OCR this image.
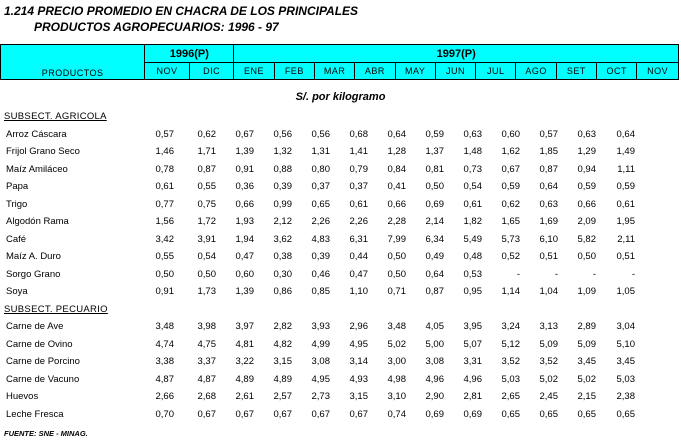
1.214 PRECIO PROMEDIO EN CHACRA DE LOS PRINCIPALES
PRODUCTOS AGROPECUARIOS: 1996 - 97
PRODUCTOS	1996(P)		1997(P)										
	NOV	DIC	ENE	FEB	MAR	ABR	MAY	JUN	JUL	AGO	SET	OCT	NOV
S/. por kilogramo
SUBSECT. AGRICOLA
Arroz Cáscara	0,57	0,62	0,67	0,56	0,56	0,68	0,64	0,59	0,63	0,60	0,57	0,63	0,64
Frijol Grano Seco	1,46	1,71	1,39	1,32	1,31	1,41	1,28	1,37	1,48	1,62	1,85	1,29	1,49
Maíz Amiláceo	0,78	0,87	0,91	0,88	0,80	0,79	0,84	0,81	0,73	0,67	0,87	0,94	1,11
Papa	0,61	0,55	0,36	0,39	0,37	0,37	0,41	0,50	0,54	0,59	0,64	0,59	0,59
Trigo	0,77	0,75	0,66	0,99	0,65	0,61	0,66	0,69	0,61	0,62	0,63	0,66	0,61
Algodón Rama	1,56	1,72	1,93	2,12	2,26	2,26	2,28	2,14	1,82	1,65	1,69	2,09	1,95
Café	3,42	3,91	1,94	3,62	4,83	6,31	7,99	6,34	5,49	5,73	6,10	5,82	2,11
Maíz A. Duro	0,55	0,54	0,47	0,38	0,39	0,44	0,50	0,49	0,48	0,52	0,51	0,50	0,51
Sorgo Grano	0,50	0,50	0,60	0,30	0,46	0,47	0,50	0,64	0,53	-	-	-	-
Soya	0,91	1,73	1,39	0,86	0,85	1,10	0,71	0,87	0,95	1,14	1,04	1,09	1,05
SUBSECT. PECUARIO
Carne de Ave	3,48	3,98	3,97	2,82	3,93	2,96	3,48	4,05	3,95	3,24	3,13	2,89	3,04
Carne de Ovino	4,74	4,75	4,81	4,82	4,99	4,95	5,02	5,00	5,07	5,12	5,09	5,09	5,10
Carne de Porcino	3,38	3,37	3,22	3,15	3,08	3,14	3,00	3,08	3,31	3,52	3,52	3,45	3,45
Carne de Vacuno	4,87	4,87	4,89	4,89	4,95	4,93	4,98	4,96	4,96	5,03	5,02	5,02	5,03
Huevos	2,66	2,68	2,61	2,57	2,73	3,15	3,10	2,90	2,81	2,65	2,45	2,15	2,38
Leche Fresca	0,70	0,67	0,67	0,67	0,67	0,67	0,74	0,69	0,69	0,65	0,65	0,65	0,65
FUENTE: SNE - MINAG.
